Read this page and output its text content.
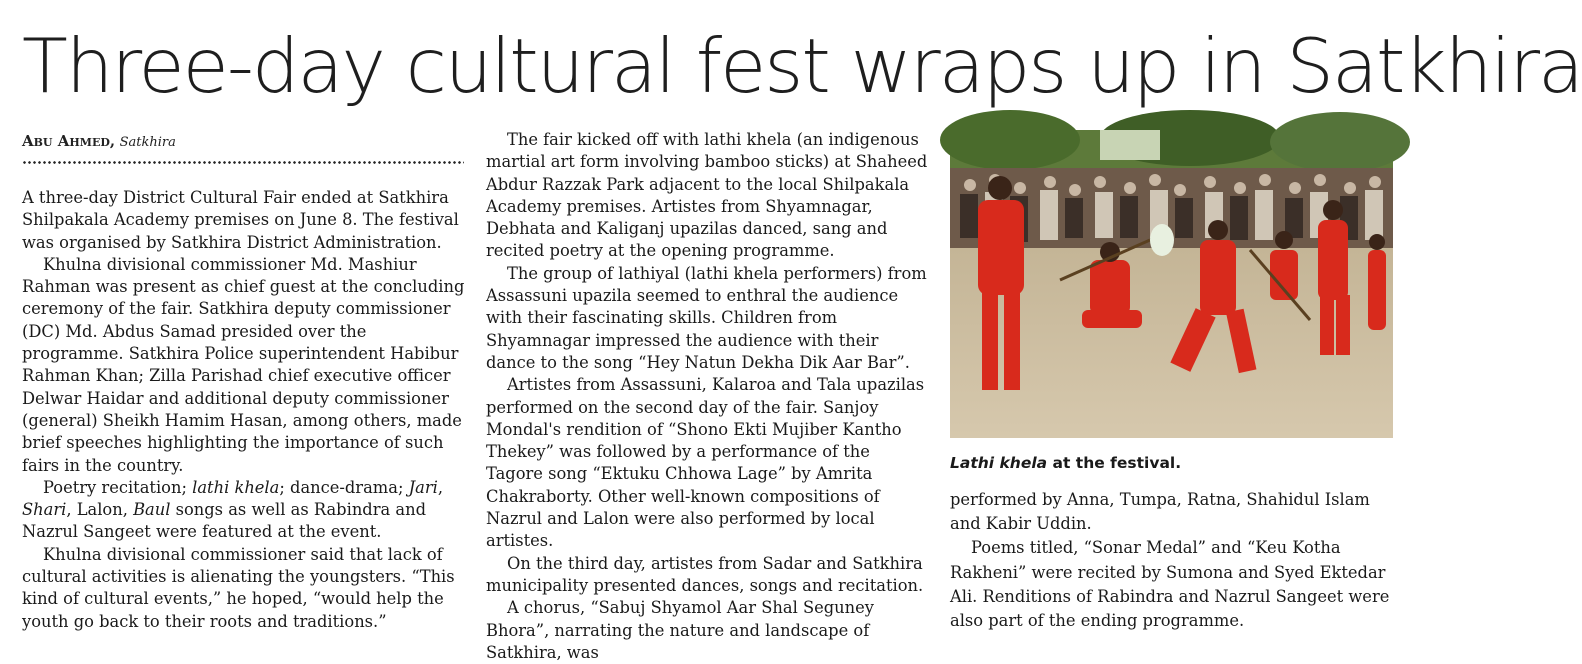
Three-day cultural fest wraps up in Satkhira
Abu Ahmed, Satkhira

A three-day District Cultural Fair ended at Satkhira Shilpakala Academy premises on June 8. The festival was organised by Satkhira District Administration.

Khulna divisional commissioner Md. Mashiur Rahman was present as chief guest at the concluding ceremony of the fair. Satkhira deputy commissioner (DC) Md. Abdus Samad presided over the programme. Satkhira Police superintendent Habibur Rahman Khan; Zilla Parishad chief executive officer Delwar Haidar and additional deputy commissioner (general) Sheikh Hamim Hasan, among others, made brief speeches highlighting the importance of such fairs in the country.

Poetry recitation; lathi khela; dance-drama; Jari, Shari, Lalon, Baul songs as well as Rabindra and Nazrul Sangeet were featured at the event.

Khulna divisional commissioner said that lack of cultural activities is alienating the youngsters. “This kind of cultural events,” he hoped, “would help the youth go back to their roots and traditions.”

The fair kicked off with lathi khela (an indigenous martial art form involving bamboo sticks) at Shaheed Abdur Razzak Park adjacent to the local Shilpakala Academy premises. Artistes from Shyamnagar, Debhata and Kaliganj upazilas danced, sang and recited poetry at the opening programme.

The group of lathiyal (lathi khela performers) from Assassuni upazila seemed to enthral the audience with their fascinating skills. Children from Shyamnagar impressed the audience with their dance to the song “Hey Natun Dekha Dik Aar Bar”.

Artistes from Assassuni, Kalaroa and Tala upazilas performed on the second day of the fair. Sanjoy Mondal's rendition of “Shono Ekti Mujiber Kantho Thekey” was followed by a performance of the Tagore song “Ektuku Chhowa Lage” by Amrita Chakraborty. Other well-known compositions of Nazrul and Lalon were also performed by local artistes.

On the third day, artistes from Sadar and Satkhira municipality presented dances, songs and recitation.

A chorus, “Sabuj Shyamol Aar Shal Seguney Bhora”, narrating the nature and landscape of Satkhira, was

Lathi khela at the festival.

performed by Anna, Tumpa, Ratna, Shahidul Islam and Kabir Uddin.

Poems titled, “Sonar Medal” and “Keu Kotha Rakheni” were recited by Sumona and Syed Ektedar Ali. Renditions of Rabindra and Nazrul Sangeet were also part of the ending programme.
